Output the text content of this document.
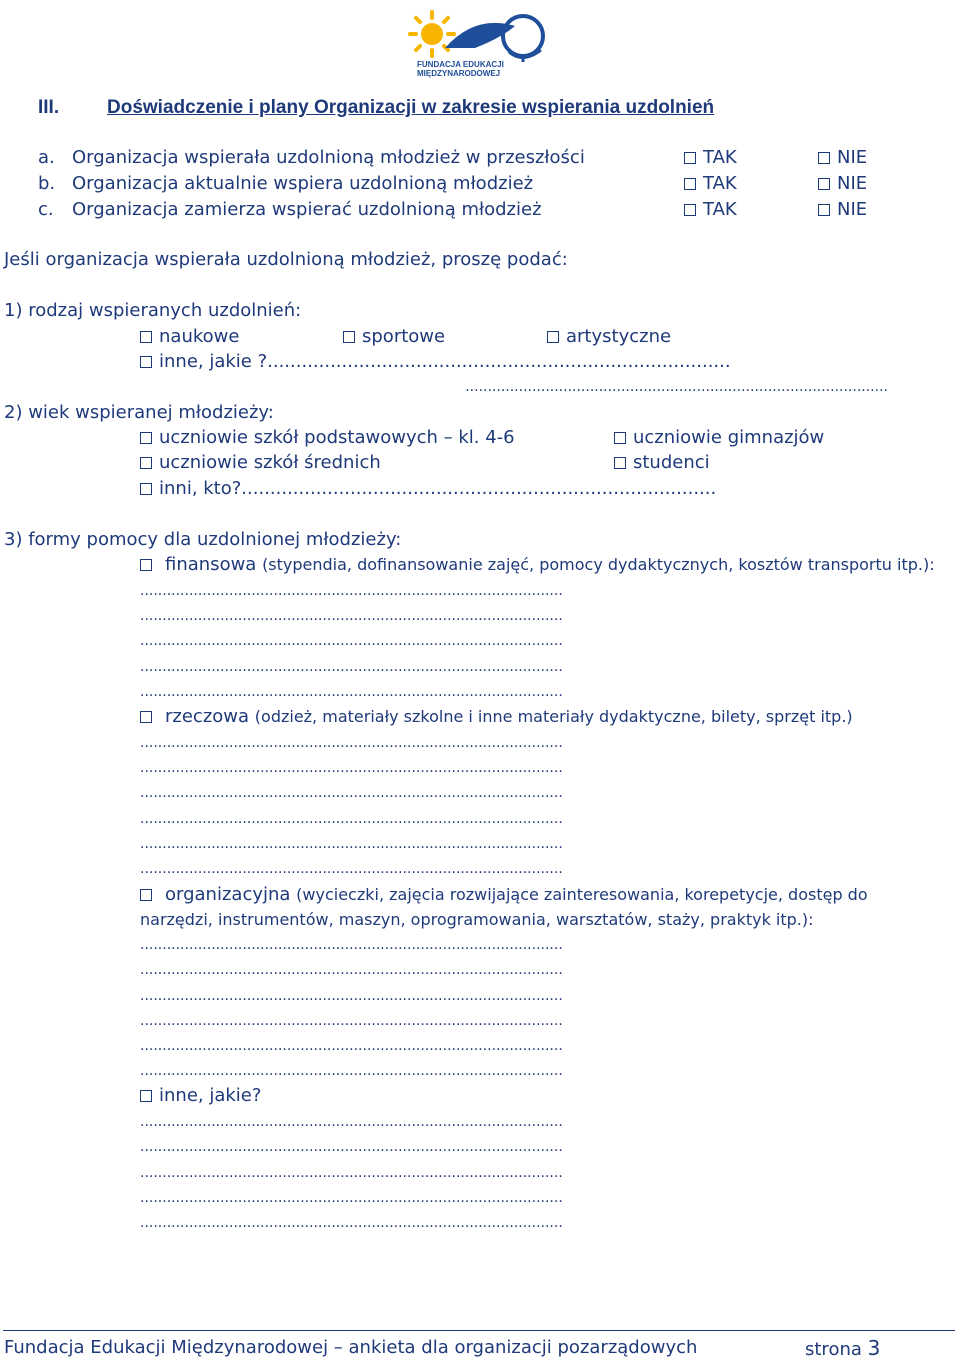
FUNDACJA EDUKACJI
MIĘDZYNARODOWEJ
III.	Doświadczenie i plany Organizacji w zakresie wspierania uzdolnień
a. Organizacja wspierała uzdolnioną młodzież w przeszłości	TAK	NIE
b. Organizacja aktualnie wspiera uzdolnioną młodzież	TAK	NIE
c. Organizacja zamierza wspierać uzdolnioną młodzież	TAK	NIE
Jeśli organizacja wspierała uzdolnioną młodzież, proszę podać:
1) rodzaj wspieranych uzdolnień:
naukowe	sportowe	artystyczne
inne, jakie ?.................................................................................
...............................................................................................
2) wiek wspieranej młodzieży:
uczniowie szkół podstawowych – kl. 4-6	uczniowie gimnazjów
uczniowie szkół średnich	studenci
inni, kto?...................................................................................
3) formy pomocy dla uzdolnionej młodzieży:
finansowa (stypendia, dofinansowanie zajęć, pomocy dydaktycznych, kosztów transportu itp.):
...............................................................................................
...............................................................................................
...............................................................................................
...............................................................................................
...............................................................................................
rzeczowa (odzież, materiały szkolne i inne materiały dydaktyczne, bilety, sprzęt itp.)
...............................................................................................
...............................................................................................
...............................................................................................
...............................................................................................
...............................................................................................
...............................................................................................
organizacyjna (wycieczki, zajęcia rozwijające zainteresowania, korepetycje, dostęp do
narzędzi, instrumentów, maszyn, oprogramowania, warsztatów, staży, praktyk itp.):
...............................................................................................
...............................................................................................
...............................................................................................
...............................................................................................
...............................................................................................
...............................................................................................
inne, jakie?
...............................................................................................
...............................................................................................
...............................................................................................
...............................................................................................
...............................................................................................
Fundacja Edukacji Międzynarodowej – ankieta dla organizacji pozarządowych	strona 3
